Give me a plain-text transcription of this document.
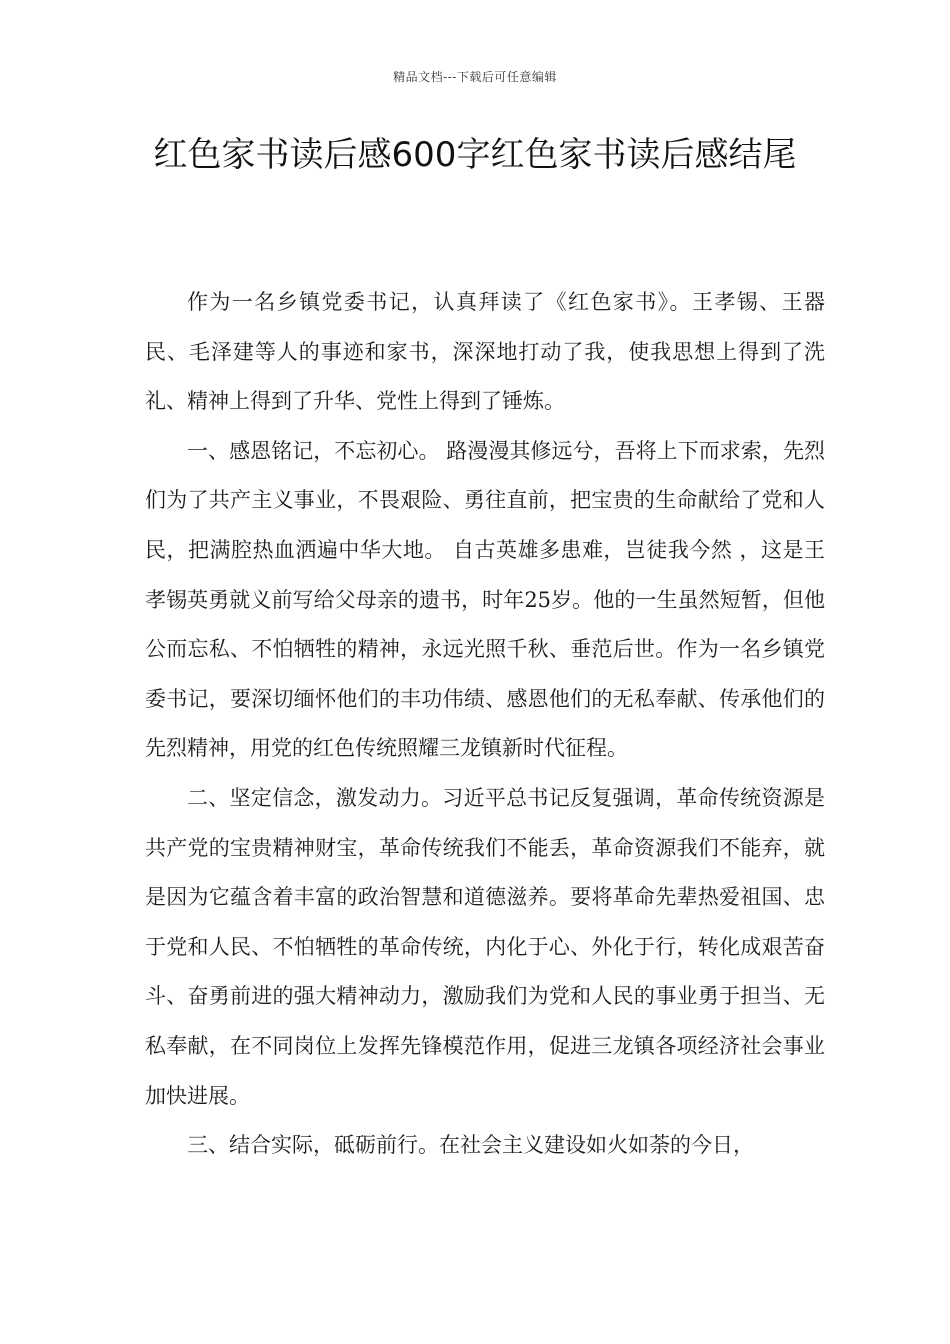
精品文档---下载后可任意编辑
红色家书读后感600字红色家书读后感结尾

作为一名乡镇党委书记，认真拜读了《红色家书》。王孝锡、王器民、毛泽建等人的事迹和家书，深深地打动了我，使我思想上得到了洗礼、精神上得到了升华、党性上得到了锤炼。

一、感恩铭记，不忘初心。 路漫漫其修远兮，吾将上下而求索，先烈们为了共产主义事业，不畏艰险、勇往直前，把宝贵的生命献给了党和人民，把满腔热血洒遍中华大地。 自古英雄多患难，岂徒我今然 ，这是王孝锡英勇就义前写给父母亲的遗书，时年25岁。他的一生虽然短暂，但他公而忘私、不怕牺牲的精神，永远光照千秋、垂范后世。作为一名乡镇党委书记，要深切缅怀他们的丰功伟绩、感恩他们的无私奉献、传承他们的先烈精神，用党的红色传统照耀三龙镇新时代征程。

二、坚定信念，激发动力。习近平总书记反复强调，革命传统资源是共产党的宝贵精神财宝，革命传统我们不能丢，革命资源我们不能弃，就是因为它蕴含着丰富的政治智慧和道德滋养。要将革命先辈热爱祖国、忠于党和人民、不怕牺牲的革命传统，内化于心、外化于行，转化成艰苦奋斗、奋勇前进的强大精神动力，激励我们为党和人民的事业勇于担当、无私奉献，在不同岗位上发挥先锋模范作用，促进三龙镇各项经济社会事业加快进展。

三、结合实际，砥砺前行。在社会主义建设如火如荼的今日，
